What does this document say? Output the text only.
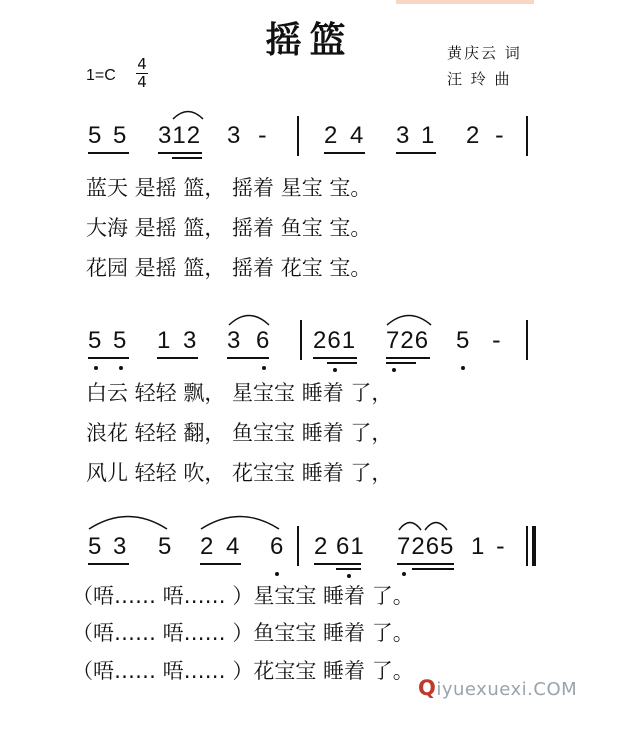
摇篮	黄庆云 词
汪 玲 曲
1=C
4
4
5 5 312 3 - 2 4 3 1 2 -
蓝天 是摇 篮， 摇着 星宝 宝。
大海 是摇 篮， 摇着 鱼宝 宝。
花园 是摇 篮， 摇着 花宝 宝。
5 5 1 3 3 6 261 726 5 -
白云 轻轻 飘， 星宝宝 睡着 了，
浪花 轻轻 翻， 鱼宝宝 睡着 了，
风儿 轻轻 吹， 花宝宝 睡着 了，
5 3 5 2 4 6 2 61 7265 1 -
（唔…… 唔…… ）星宝宝 睡着 了。
（唔…… 唔…… ）鱼宝宝 睡着 了。
（唔…… 唔…… ）花宝宝 睡着 了。
Qiyuexuexi.COM
